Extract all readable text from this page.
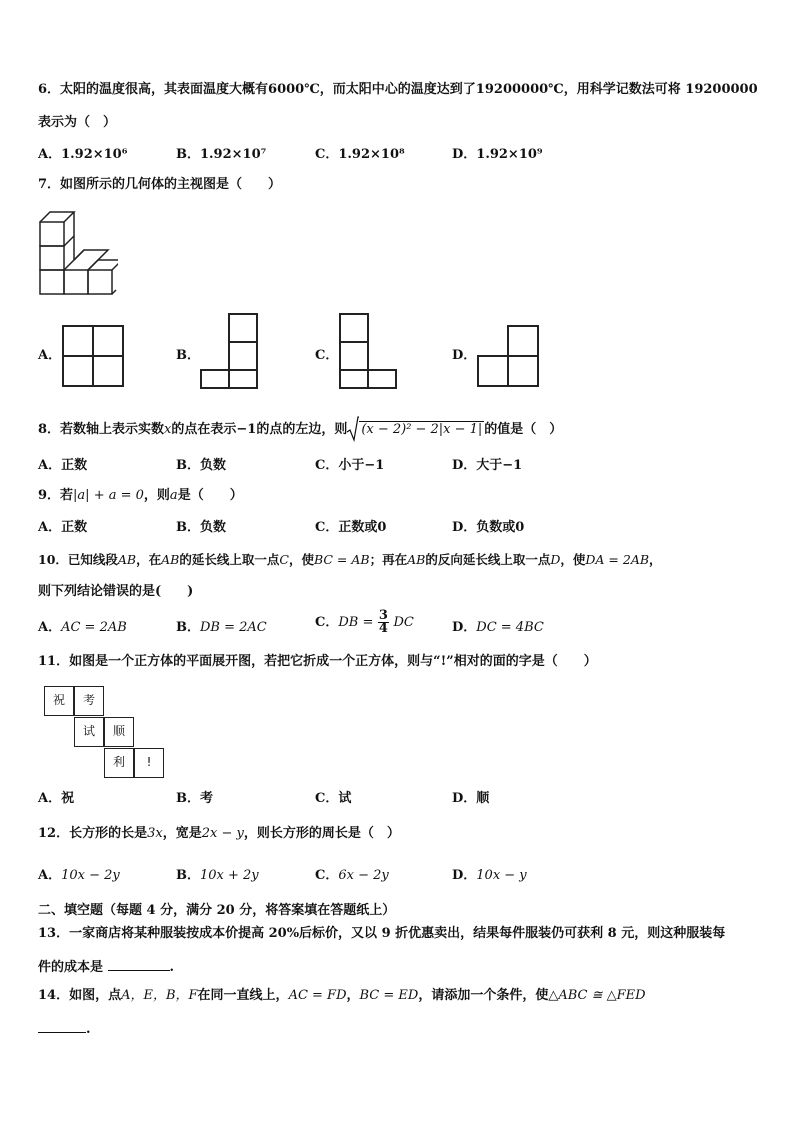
6．太阳的温度很高，其表面温度大概有6000℃，而太阳中心的温度达到了19200000℃，用科学记数法可将 19200000
表示为（　）
A．1.92×10⁶	B．1.92×10⁷	C．1.92×10⁸	D．1.92×10⁹
7．如图所示的几何体的主视图是（　　）
A．	B．	C．	D．
8．若数轴上表示实数x的点在表示−1的点的左边，则 (x − 2)² − 2|x − 1| 的值是（　）
A．正数	B．负数	C．小于−1	D．大于−1
9．若|a| + a = 0，则a是（　　）
A．正数	B．负数	C．正数或0	D．负数或0
10．已知线段AB，在AB的延长线上取一点C，使BC = AB；再在AB的反向延长线上取一点D，使DA = 2AB，
则下列结论错误的是(　　)
A．AC = 2AB	B．DB = 2AC	C．DB = $\frac{3}{4}$ DC	D．DC = 4BC
11．如图是一个正方体的平面展开图，若把它折成一个正方体，则与“!”相对的面的字是（　　）
祝	考
试	顺
利	!
A．祝	B．考	C．试	D．顺
12．长方形的长是3x，宽是2x − y，则长方形的周长是（　）
A．10x − 2y	B．10x + 2y	C．6x − 2y	D．10x − y
二、填空题（每题 4 分，满分 20 分，将答案填在答题纸上）
13．一家商店将某种服装按成本价提高 20%后标价，又以 9 折优惠卖出，结果每件服装仍可获利 8 元，则这种服装每
件的成本是	.
14．如图，点A，E，B，F在同一直线上，AC = FD，BC = ED，请添加一个条件，使△ABC ≅ △FED
.
